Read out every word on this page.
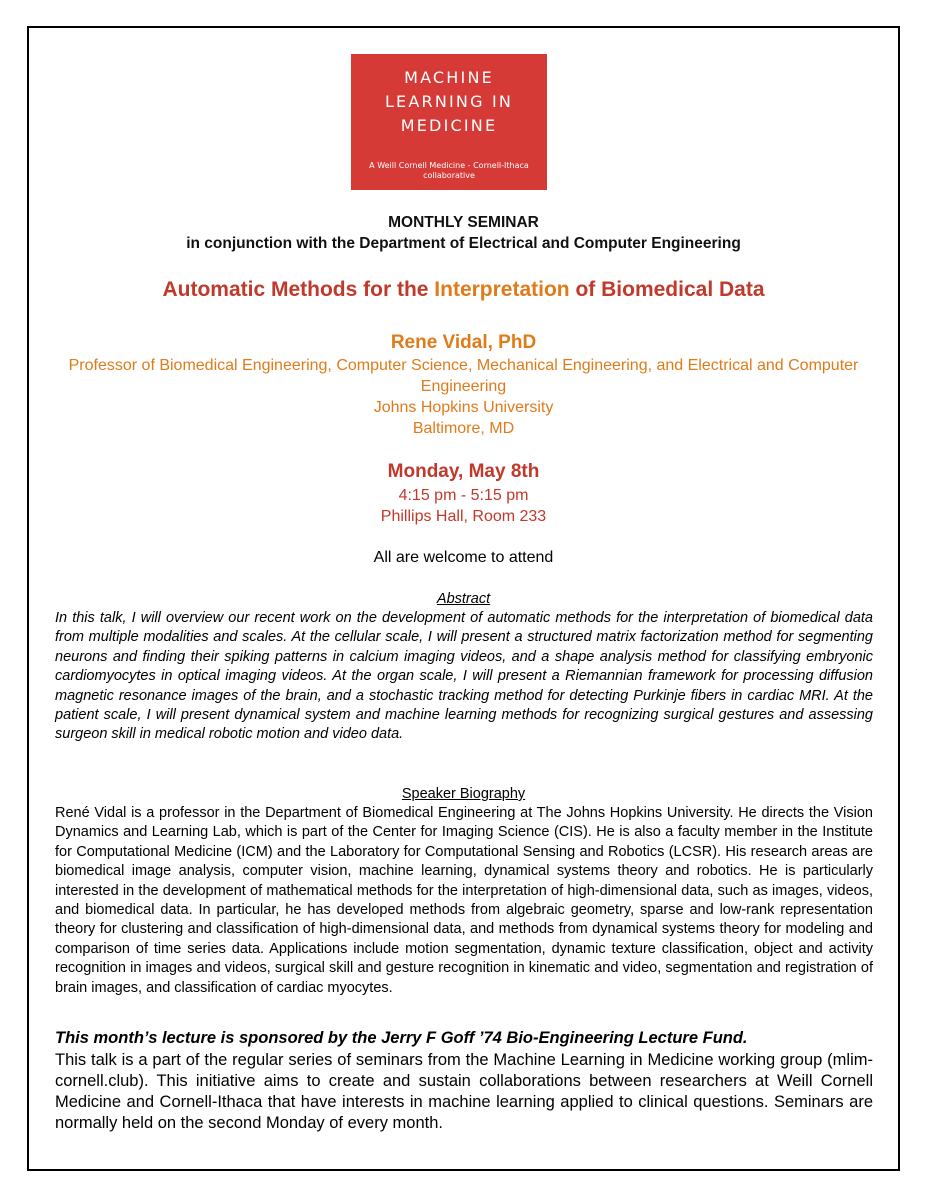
MACHINE
LEARNING IN
MEDICINE
A Weill Cornell Medicine - Cornell-Ithaca
collaborative
MONTHLY SEMINAR
in conjunction with the Department of Electrical and Computer Engineering
Automatic Methods for the Interpretation of Biomedical Data
Rene Vidal, PhD
Professor of Biomedical Engineering, Computer Science, Mechanical Engineering, and Electrical and Computer Engineering
Johns Hopkins University
Baltimore, MD
Monday, May 8th
4:15 pm - 5:15 pm
Phillips Hall, Room 233
All are welcome to attend
Abstract
In this talk, I will overview our recent work on the development of automatic methods for the interpretation of biomedical data from multiple modalities and scales. At the cellular scale, I will present a structured matrix factorization method for segmenting neurons and finding their spiking patterns in calcium imaging videos, and a shape analysis method for classifying embryonic cardiomyocytes in optical imaging videos. At the organ scale, I will present a Riemannian framework for processing diffusion magnetic resonance images of the brain, and a stochastic tracking method for detecting Purkinje fibers in cardiac MRI. At the patient scale, I will present dynamical system and machine learning methods for recognizing surgical gestures and assessing surgeon skill in medical robotic motion and video data.
Speaker Biography
René Vidal is a professor in the Department of Biomedical Engineering at The Johns Hopkins University. He directs the Vision Dynamics and Learning Lab, which is part of the Center for Imaging Science (CIS). He is also a faculty member in the Institute for Computational Medicine (ICM) and the Laboratory for Computational Sensing and Robotics (LCSR). His research areas are biomedical image analysis, computer vision, machine learning, dynamical systems theory and robotics. He is particularly interested in the development of mathematical methods for the interpretation of high-dimensional data, such as images, videos, and biomedical data. In particular, he has developed methods from algebraic geometry, sparse and low-rank representation theory for clustering and classification of high-dimensional data, and methods from dynamical systems theory for modeling and comparison of time series data. Applications include motion segmentation, dynamic texture classification, object and activity recognition in images and videos, surgical skill and gesture recognition in kinematic and video, segmentation and registration of brain images, and classification of cardiac myocytes.
This month’s lecture is sponsored by the Jerry F Goff ’74 Bio-Engineering Lecture Fund.
This talk is a part of the regular series of seminars from the Machine Learning in Medicine working group (mlim-cornell.club). This initiative aims to create and sustain collaborations between researchers at Weill Cornell Medicine and Cornell-Ithaca that have interests in machine learning applied to clinical questions. Seminars are normally held on the second Monday of every month.
